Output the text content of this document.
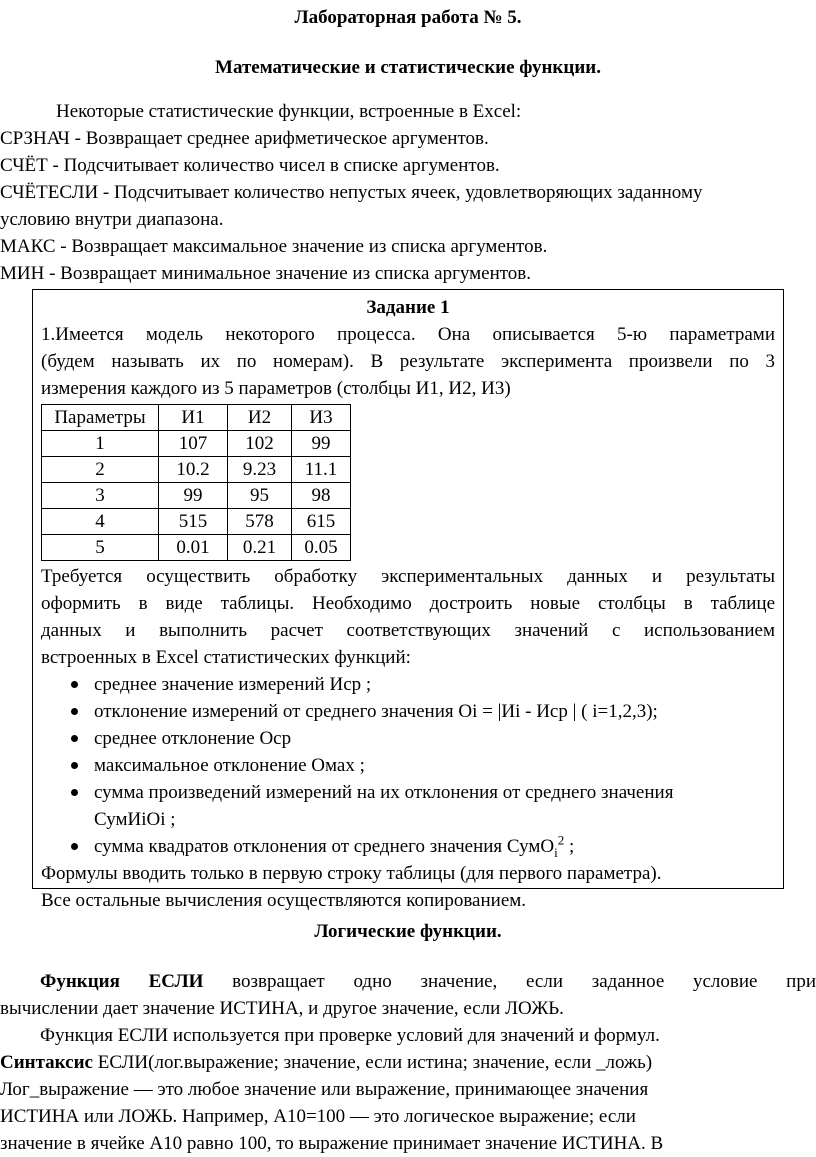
Лабораторная работа № 5.
Математические и статистические функции.
Некоторые статистические функции, встроенные в Excel:
СРЗНАЧ - Возвращает среднее арифметическое аргументов.
СЧЁТ - Подсчитывает количество чисел в списке аргументов.
СЧЁТЕСЛИ - Подсчитывает количество непустых ячеек, удовлетворяющих заданному
условию внутри диапазона.
МАКС - Возвращает максимальное значение из списка аргументов.
МИН - Возвращает минимальное значение из списка аргументов.
Задание 1
1.Имеется модель некоторого процесса. Она описывается 5-ю параметрами
(будем называть их по номерам). В результате эксперимента произвели по 3
измерения каждого из 5 параметров (столбцы И1, И2, И3)
Параметры	И1	И2	И3
1	107	102	99
2	10.2	9.23	11.1
3	99	95	98
4	515	578	615
5	0.01	0.21	0.05
Требуется осуществить обработку экспериментальных данных и результаты
оформить в виде таблицы. Необходимо достроить новые столбцы в таблице
данных и выполнить расчет соответствующих значений с использованием
встроенных в Excel статистических функций:
среднее значение измерений Иср ;
отклонение измерений от среднего значения Оi = |Иi - Иср | ( i=1,2,3);
среднее отклонение Оср
максимальное отклонение Омах ;
сумма произведений измерений на их отклонения от среднего значения
СумИiОi ;
сумма квадратов отклонения от среднего значения СумО$_i^2$ ;
Формулы вводить только в первую строку таблицы (для первого параметра).
Все остальные вычисления осуществляются копированием.
Логические функции.
Функция ЕСЛИ возвращает одно значение, если заданное условие при
вычислении дает значение ИСТИНА, и другое значение, если ЛОЖЬ.
Функция ЕСЛИ используется при проверке условий для значений и формул.
Синтаксис ЕСЛИ(лог.выражение; значение, если истина; значение, если _ложь)
Лог_выражение — это любое значение или выражение, принимающее значения
ИСТИНА или ЛОЖЬ. Например, A10=100 — это логическое выражение; если
значение в ячейке A10 равно 100, то выражение принимает значение ИСТИНА. В
